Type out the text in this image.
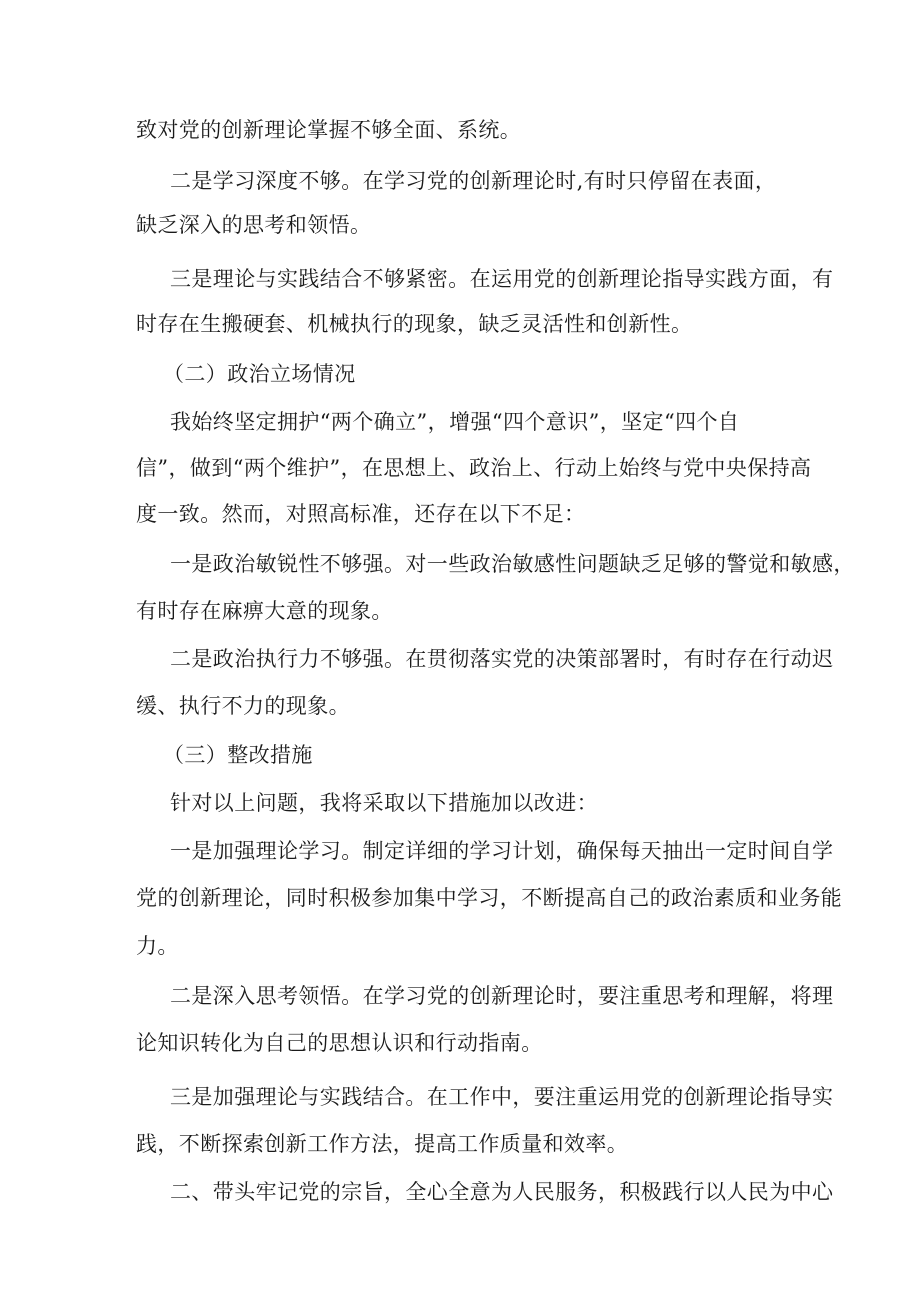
致对党的创新理论掌握不够全面、系统。
二是学习深度不够。在学习党的创新理论时,有时只停留在表面，
缺乏深入的思考和领悟。
三是理论与实践结合不够紧密。在运用党的创新理论指导实践方面，有
时存在生搬硬套、机械执行的现象，缺乏灵活性和创新性。
（二）政治立场情况
我始终坚定拥护“两个确立”，增强“四个意识”，坚定“四个自
信”，做到“两个维护”，在思想上、政治上、行动上始终与党中央保持高
度一致。然而，对照高标准，还存在以下不足：
一是政治敏锐性不够强。对一些政治敏感性问题缺乏足够的警觉和敏感，
有时存在麻痹大意的现象。
二是政治执行力不够强。在贯彻落实党的决策部署时，有时存在行动迟
缓、执行不力的现象。
（三）整改措施
针对以上问题，我将采取以下措施加以改进：
一是加强理论学习。制定详细的学习计划，确保每天抽出一定时间自学
党的创新理论，同时积极参加集中学习，不断提高自己的政治素质和业务能
力。
二是深入思考领悟。在学习党的创新理论时，要注重思考和理解，将理
论知识转化为自己的思想认识和行动指南。
三是加强理论与实践结合。在工作中，要注重运用党的创新理论指导实
践，不断探索创新工作方法，提高工作质量和效率。
二、带头牢记党的宗旨，全心全意为人民服务，积极践行以人民为中心
